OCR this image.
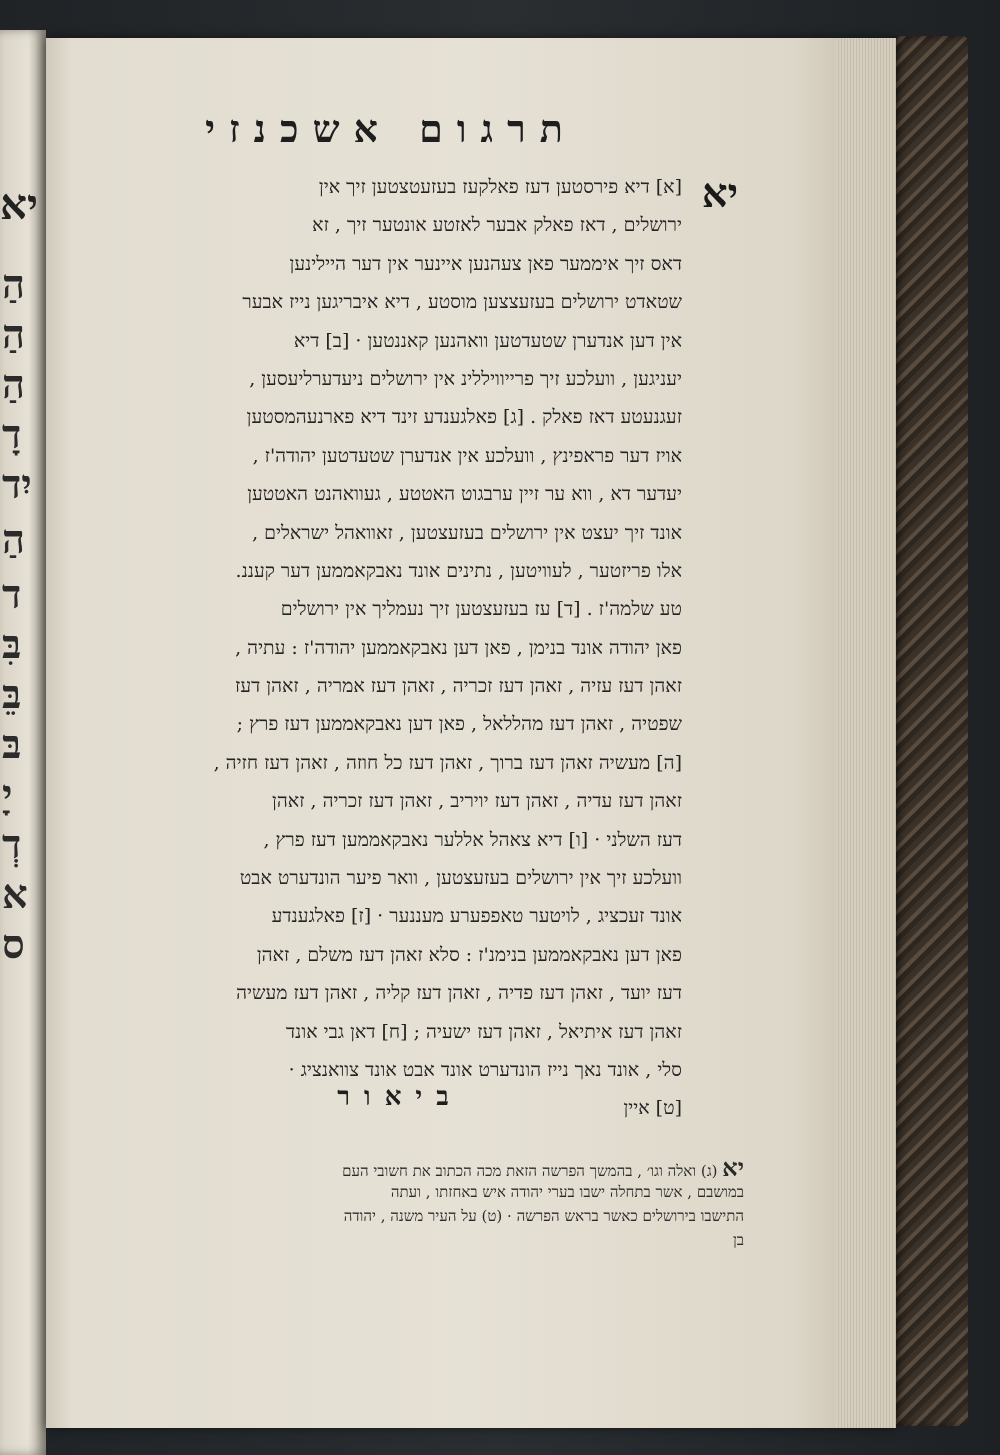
יא
הַ
הַ
הַ
דָ
יִד
הַ
ד
בִּ
בֵּ
בּ
יָ
דְ
א
ס
תרגום אשכנזי
יא
[א] דיא פירסטען דעז פאלקעז בעזעטצטען זיך אין
ירושלים , דאז פאלק אבער לאזטע אונטער זיך , זא
דאס זיך איממער פאן צעהנען איינער אין דער היילינען
שטאדט ירושלים בעזעצצען מוסטע , דיא איבריגען נייז אבער
אין דען אנדערן שטעדטען וואהנען קאננטען · [ב] דיא
יעניגען , וועלכע זיך פרייוויללינ אין ירושלים ניעדערליעסען ,
זעגנעטע דאז פאלק . [ג] פאלגענדע זינד דיא פארנעהמסטען
אויז דער פראפינץ , וועלכע אין אנדערן שטעדטען יהודה'ז ,
יעדער דא , ווא ער זיין ערבגוט האטטע , געוואהנט האטטען
אונד זיך יעצט אין ירושלים בעזעצטען , זאוואהל ישראלים ,
אלו פריזטער , לעוויטען , נתינים אונד נאבקאממען דער קעננ.
טע שלמה'ז . [ד] עז בעזעצטען זיך נעמליך אין ירושלים
פאן יהודה אונד בנימן , פאן דען נאבקאממען יהודה'ז : עתיה ,
זאהן דעז עזיה , זאהן דעז זכריה , זאהן דעז אמריה , זאהן דעז
שפטיה , זאהן דעז מהללאל , פאן דען נאבקאממען דעז פרץ ;
[ה] מעשיה זאהן דעז ברוך , זאהן דעז כל חוזה , זאהן דעז חזיה ,
זאהן דעז עדיה , זאהן דעז יויריב , זאהן דעז זכריה , זאהן
דעז השלני · [ו] דיא צאהל אללער נאבקאממען דעז פרץ ,
וועלכע זיך אין ירושלים בעזעצטען , וואר פיער הונדערט אבט
אונד זעכציג , לויטער טאפפערע מעננער · [ז] פאלגענדע
פאן דען נאבקאממען בנימנ'ז : סלא זאהן דעז משלם , זאהן
דעז יועד , זאהן דעז פדיה , זאהן דעז קליה , זאהן דעז מעשיה
זאהן דעז איתיאל , זאהן דעז ישעיה ; [ח] דאן גבי אונד
סלי , אונד נאך נייז הונדערט אונד אבט אונד צוואנציג ·
[ט] איין
ביאור
יא (ג) ואלה וגו׳ , בהמשך הפרשה הזאת מכה הכתוב את חשובי העם
במושבם , אשר בתחלה ישבו בערי יהודה איש באחזתו , ועתה
התישבו בירושלים כאשר בראש הפרשה · (ט) על העיר משנה , יהודה
בן
